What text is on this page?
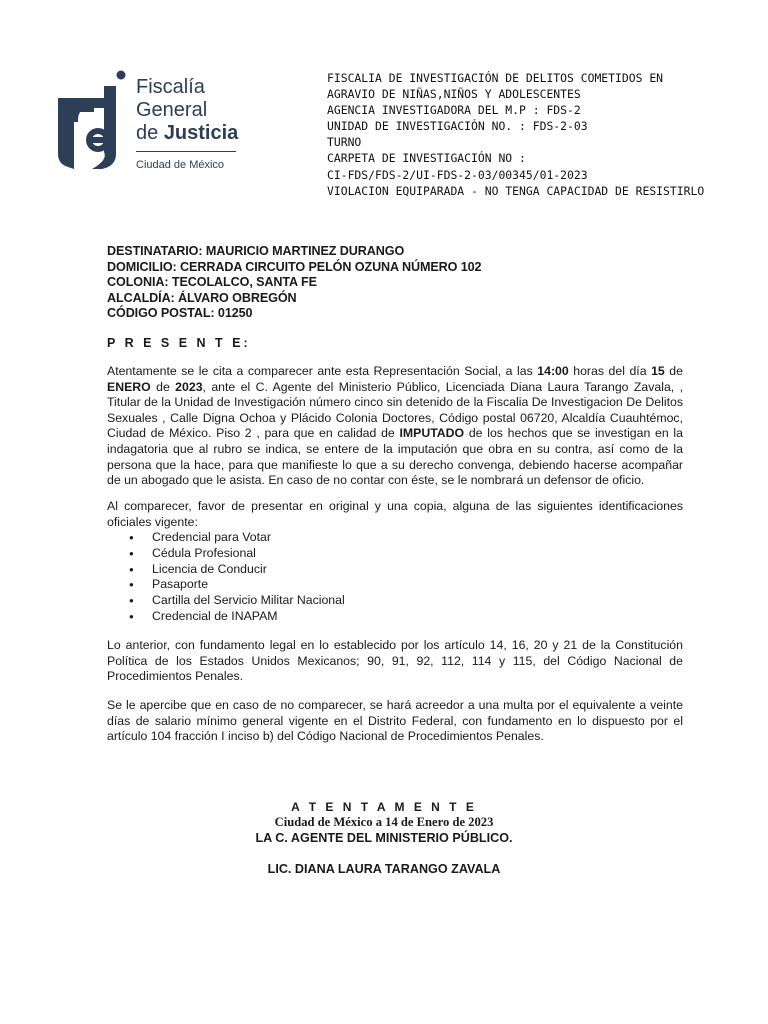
Fiscalía
General
de Justicia
Ciudad de México
FISCALIA DE INVESTIGACIÓN DE DELITOS COMETIDOS EN
AGRAVIO DE NIÑAS,NIÑOS Y ADOLESCENTES
AGENCIA INVESTIGADORA DEL M.P : FDS-2
UNIDAD DE INVESTIGACIÓN NO. : FDS-2-03
TURNO
CARPETA DE INVESTIGACIÓN NO :
CI-FDS/FDS-2/UI-FDS-2-03/00345/01-2023
VIOLACION EQUIPARADA - NO TENGA CAPACIDAD DE RESISTIRLO
DESTINATARIO: MAURICIO MARTINEZ DURANGO
DOMICILIO: CERRADA CIRCUITO PELÓN OZUNA NÚMERO 102
COLONIA: TECOLALCO, SANTA FE
ALCALDÍA: ÁLVARO OBREGÓN
CÓDIGO POSTAL: 01250
P R E S E N T E:
Atentamente se le cita a comparecer ante esta Representación Social, a las 14:00 horas del día 15 de ENERO de 2023, ante el C. Agente del Ministerio Público, Licenciada Diana Laura Tarango Zavala, , Titular de la Unidad de Investigación número cinco sin detenido de la Fiscalia De Investigacion De Delitos Sexuales , Calle Digna Ochoa y Plácido Colonia Doctores, Código postal 06720, Alcaldía Cuauhtémoc, Ciudad de México. Piso 2 , para que en calidad de IMPUTADO de los hechos que se investigan en la indagatoria que al rubro se indica, se entere de la imputación que obra en su contra, así como de la persona que la hace, para que manifieste lo que a su derecho convenga, debiendo hacerse acompañar de un abogado que le asista. En caso de no contar con éste, se le nombrará un defensor de oficio.
Al comparecer, favor de presentar en original y una copia, alguna de las siguientes identificaciones oficiales vigente:
● Credencial para Votar
● Cédula Profesional
● Licencia de Conducir
● Pasaporte
● Cartilla del Servicio Militar Nacional
● Credencial de INAPAM
Lo anterior, con fundamento legal en lo establecido por los artículo 14, 16, 20 y 21 de la Constitución Política de los Estados Unidos Mexicanos; 90, 91, 92, 112, 114 y 115, del Código Nacional de Procedimientos Penales.
Se le apercibe que en caso de no comparecer, se hará acreedor a una multa por el equivalente a veinte días de salario mínimo general vigente en el Distrito Federal, con fundamento en lo dispuesto por el artículo 104 fracción I inciso b) del Código Nacional de Procedimientos Penales.
A T E N T A M E N T E
Ciudad de México a 14 de Enero de 2023
LA C. AGENTE DEL MINISTERIO PÚBLICO.
LIC. DIANA LAURA TARANGO ZAVALA
